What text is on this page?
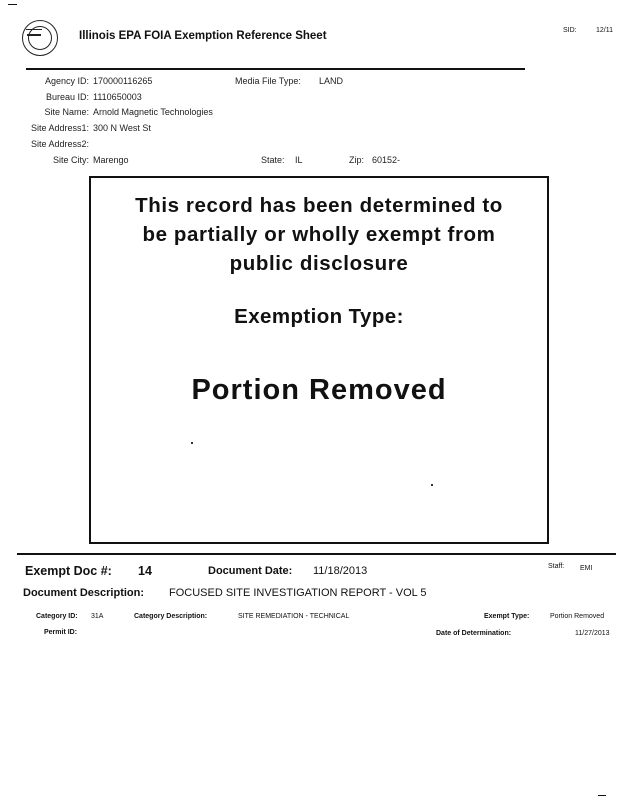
Illinois EPA FOIA Exemption Reference Sheet	SID:	12/11
Agency ID: 170000116265	Media File Type: LAND
Bureau ID: 1110650003
Site Name: Arnold Magnetic Technologies
Site Address1: 300 N West St
Site Address2:
Site City: Marengo	State: IL	Zip: 60152-
This record has been determined to
be partially or wholly exempt from
public disclosure
Exemption Type:
Portion Removed
Exempt Doc #: 14	Document Date: 11/18/2013	Staff: EMI
Document Description: FOCUSED SITE INVESTIGATION REPORT - VOL 5
Category ID: 31A	Category Description:	SITE REMEDIATION - TECHNICAL	Exempt Type:	Portion Removed
Permit ID:	Date of Determination:	11/27/2013
